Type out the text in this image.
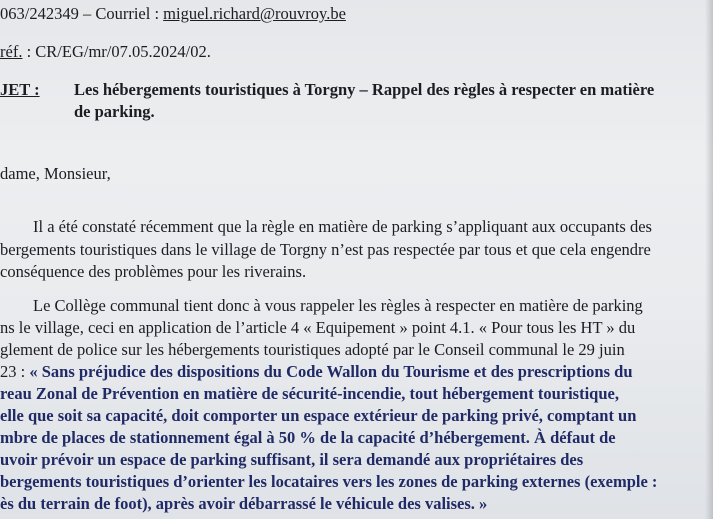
063/242349 – Courriel : miguel.richard@rouvroy.be
réf. : CR/EG/mr/07.05.2024/02.
JET : Les hébergements touristiques à Torgny – Rappel des règles à respecter en matière
de parking.
dame, Monsieur,
Il a été constaté récemment que la règle en matière de parking s’appliquant aux occupants des
bergements touristiques dans le village de Torgny n’est pas respectée par tous et que cela engendre
conséquence des problèmes pour les riverains.
Le Collège communal tient donc à vous rappeler les règles à respecter en matière de parking
ns le village, ceci en application de l’article 4 « Equipement » point 4.1. « Pour tous les HT » du
glement de police sur les hébergements touristiques adopté par le Conseil communal le 29 juin
23 : « Sans préjudice des dispositions du Code Wallon du Tourisme et des prescriptions du
reau Zonal de Prévention en matière de sécurité-incendie, tout hébergement touristique,
elle que soit sa capacité, doit comporter un espace extérieur de parking privé, comptant un
mbre de places de stationnement égal à 50 % de la capacité d’hébergement. À défaut de
uvoir prévoir un espace de parking suffisant, il sera demandé aux propriétaires des
bergements touristiques d’orienter les locataires vers les zones de parking externes (exemple :
ès du terrain de foot), après avoir débarrassé le véhicule des valises. »
